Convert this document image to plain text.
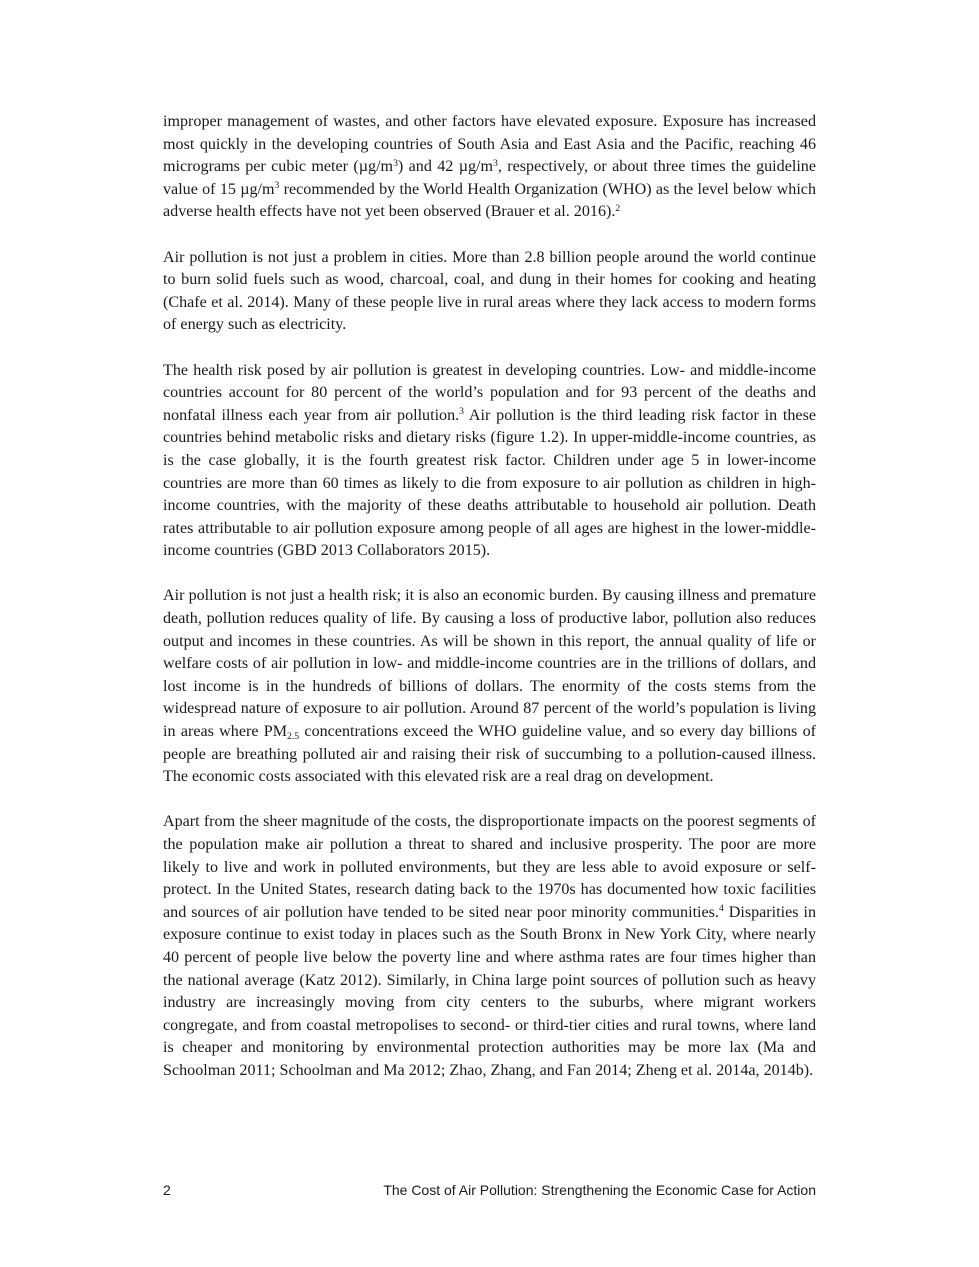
improper management of wastes, and other factors have elevated exposure. Exposure has increased most quickly in the developing countries of South Asia and East Asia and the Pacific, reaching 46 micrograms per cubic meter $(\mu g/m^3)$ and 42 $\mu g/m^3$, respectively, or about three times the guideline value of 15 $\mu g/m^3$ recommended by the World Health Organization (WHO) as the level below which adverse health effects have not yet been observed (Brauer et al. 2016).$^2$

Air pollution is not just a problem in cities. More than 2.8 billion people around the world continue to burn solid fuels such as wood, charcoal, coal, and dung in their homes for cooking and heating (Chafe et al. 2014). Many of these people live in rural areas where they lack access to modern forms of energy such as electricity.

The health risk posed by air pollution is greatest in developing countries. Low- and middle-income countries account for 80 percent of the world’s population and for 93 percent of the deaths and nonfatal illness each year from air pollution.$^3$ Air pollution is the third leading risk factor in these countries behind metabolic risks and dietary risks (figure 1.2). In upper-middle-income countries, as is the case globally, it is the fourth greatest risk factor. Children under age 5 in lower-income countries are more than 60 times as likely to die from exposure to air pollution as children in high-income countries, with the majority of these deaths attributable to household air pollution. Death rates attributable to air pollution exposure among people of all ages are highest in the lower-middle-income countries (GBD 2013 Collaborators 2015).

Air pollution is not just a health risk; it is also an economic burden. By causing illness and premature death, pollution reduces quality of life. By causing a loss of productive labor, pollution also reduces output and incomes in these countries. As will be shown in this report, the annual quality of life or welfare costs of air pollution in low- and middle-income countries are in the trillions of dollars, and lost income is in the hundreds of billions of dollars. The enormity of the costs stems from the widespread nature of exposure to air pollution. Around 87 percent of the world’s population is living in areas where $PM_{2.5}$ concentrations exceed the WHO guideline value, and so every day billions of people are breathing polluted air and raising their risk of succumbing to a pollution-caused illness. The economic costs associated with this elevated risk are a real drag on development.

Apart from the sheer magnitude of the costs, the disproportionate impacts on the poorest segments of the population make air pollution a threat to shared and inclusive prosperity. The poor are more likely to live and work in polluted environments, but they are less able to avoid exposure or self-protect. In the United States, research dating back to the 1970s has documented how toxic facilities and sources of air pollution have tended to be sited near poor minority communities.$^4$ Disparities in exposure continue to exist today in places such as the South Bronx in New York City, where nearly 40 percent of people live below the poverty line and where asthma rates are four times higher than the national average (Katz 2012). Similarly, in China large point sources of pollution such as heavy industry are increasingly moving from city centers to the suburbs, where migrant workers congregate, and from coastal metropolises to second- or third-tier cities and rural towns, where land is cheaper and monitoring by environmental protection authorities may be more lax (Ma and Schoolman 2011; Schoolman and Ma 2012; Zhao, Zhang, and Fan 2014; Zheng et al. 2014a, 2014b).

2	The Cost of Air Pollution: Strengthening the Economic Case for Action
